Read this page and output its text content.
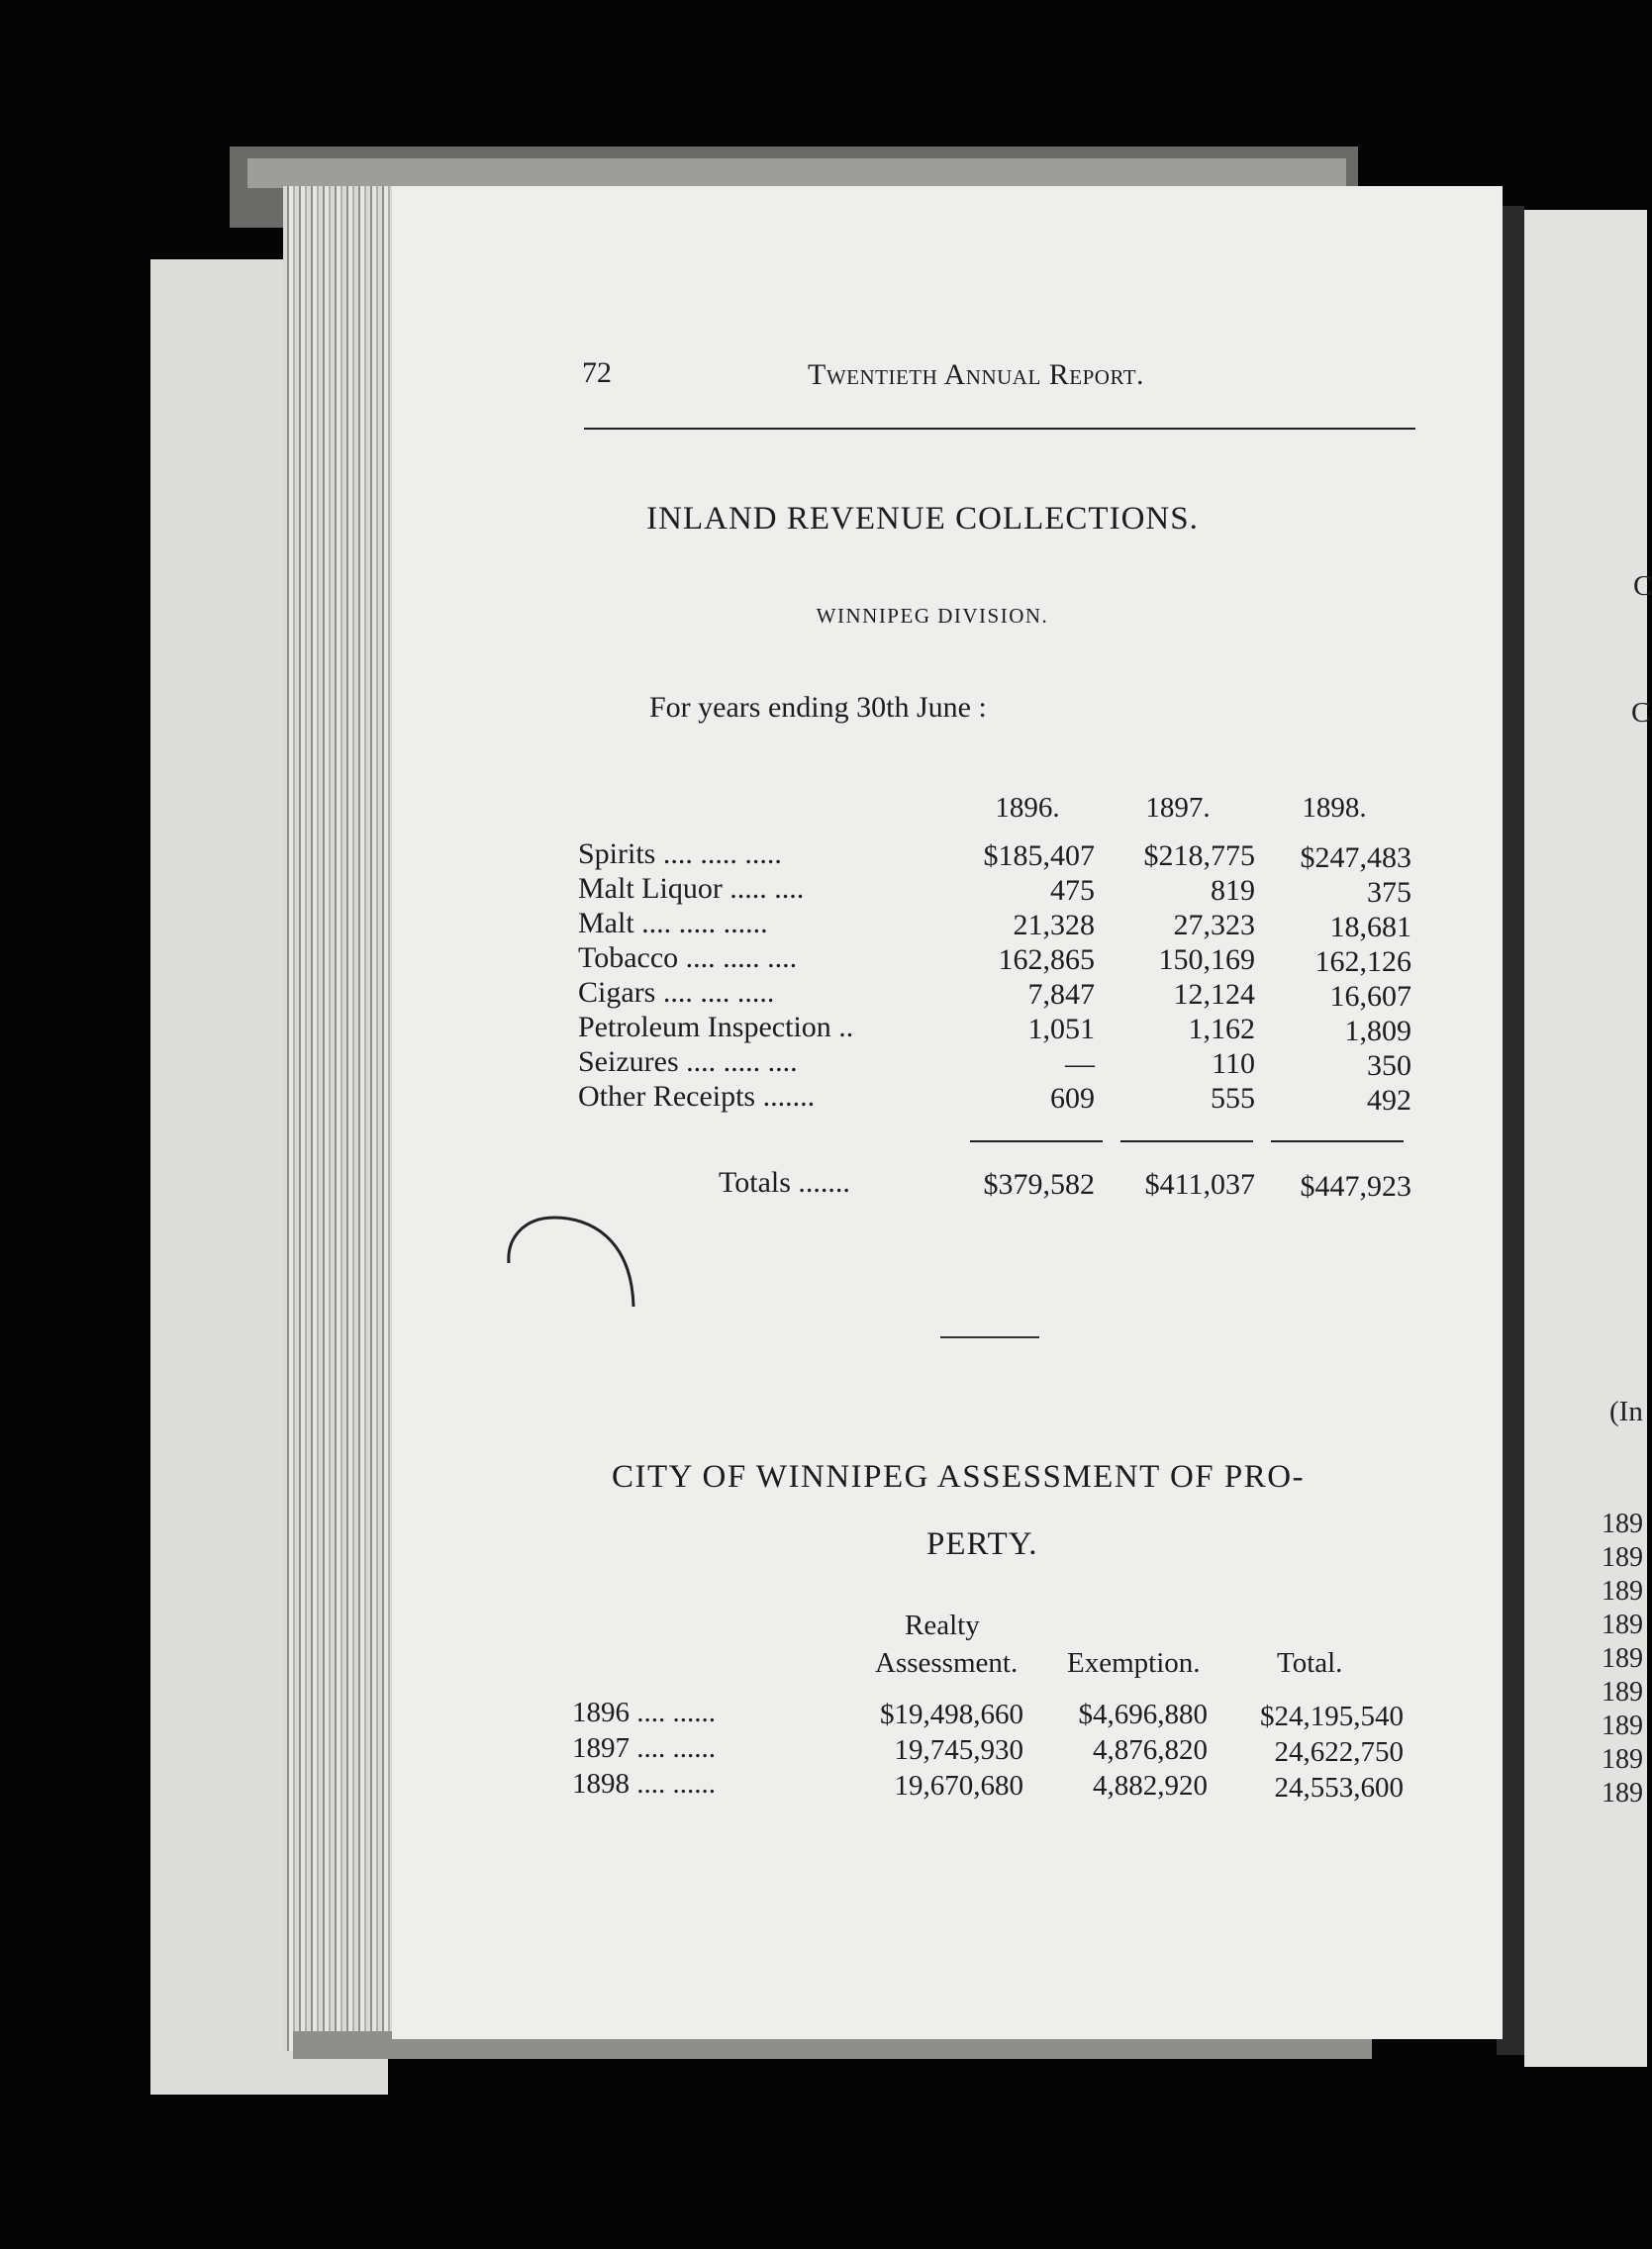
72	Twentieth Annual Report.
INLAND REVENUE COLLECTIONS.
WINNIPEG DIVISION.
For years ending 30th June :
1896.	1897.	1898.
Spirits .... ..... .....	$185,407	$218,775	$247,483
Malt Liquor ..... ....	475	819	375
Malt .... ..... ......	21,328	27,323	18,681
Tobacco .... ..... ....	162,865	150,169	162,126
Cigars .... .... .....	7,847	12,124	16,607
Petroleum Inspection ..	1,051	1,162	1,809
Seizures .... ..... ....	—	110	350
Other Receipts .......	609	555	492
Totals .......	$379,582	$411,037	$447,923
CITY OF WINNIPEG ASSESSMENT OF PRO-
PERTY.
Realty
Assessment. Exemption.	Total.
1896 .... ......	$19,498,660	$4,696,880	$24,195,540
1897 .... ......	19,745,930	4,876,820	24,622,750
1898 .... ......	19,670,680	4,882,920	24,553,600
C
C
(In
189
189
189
189
189
189
189
189
189
